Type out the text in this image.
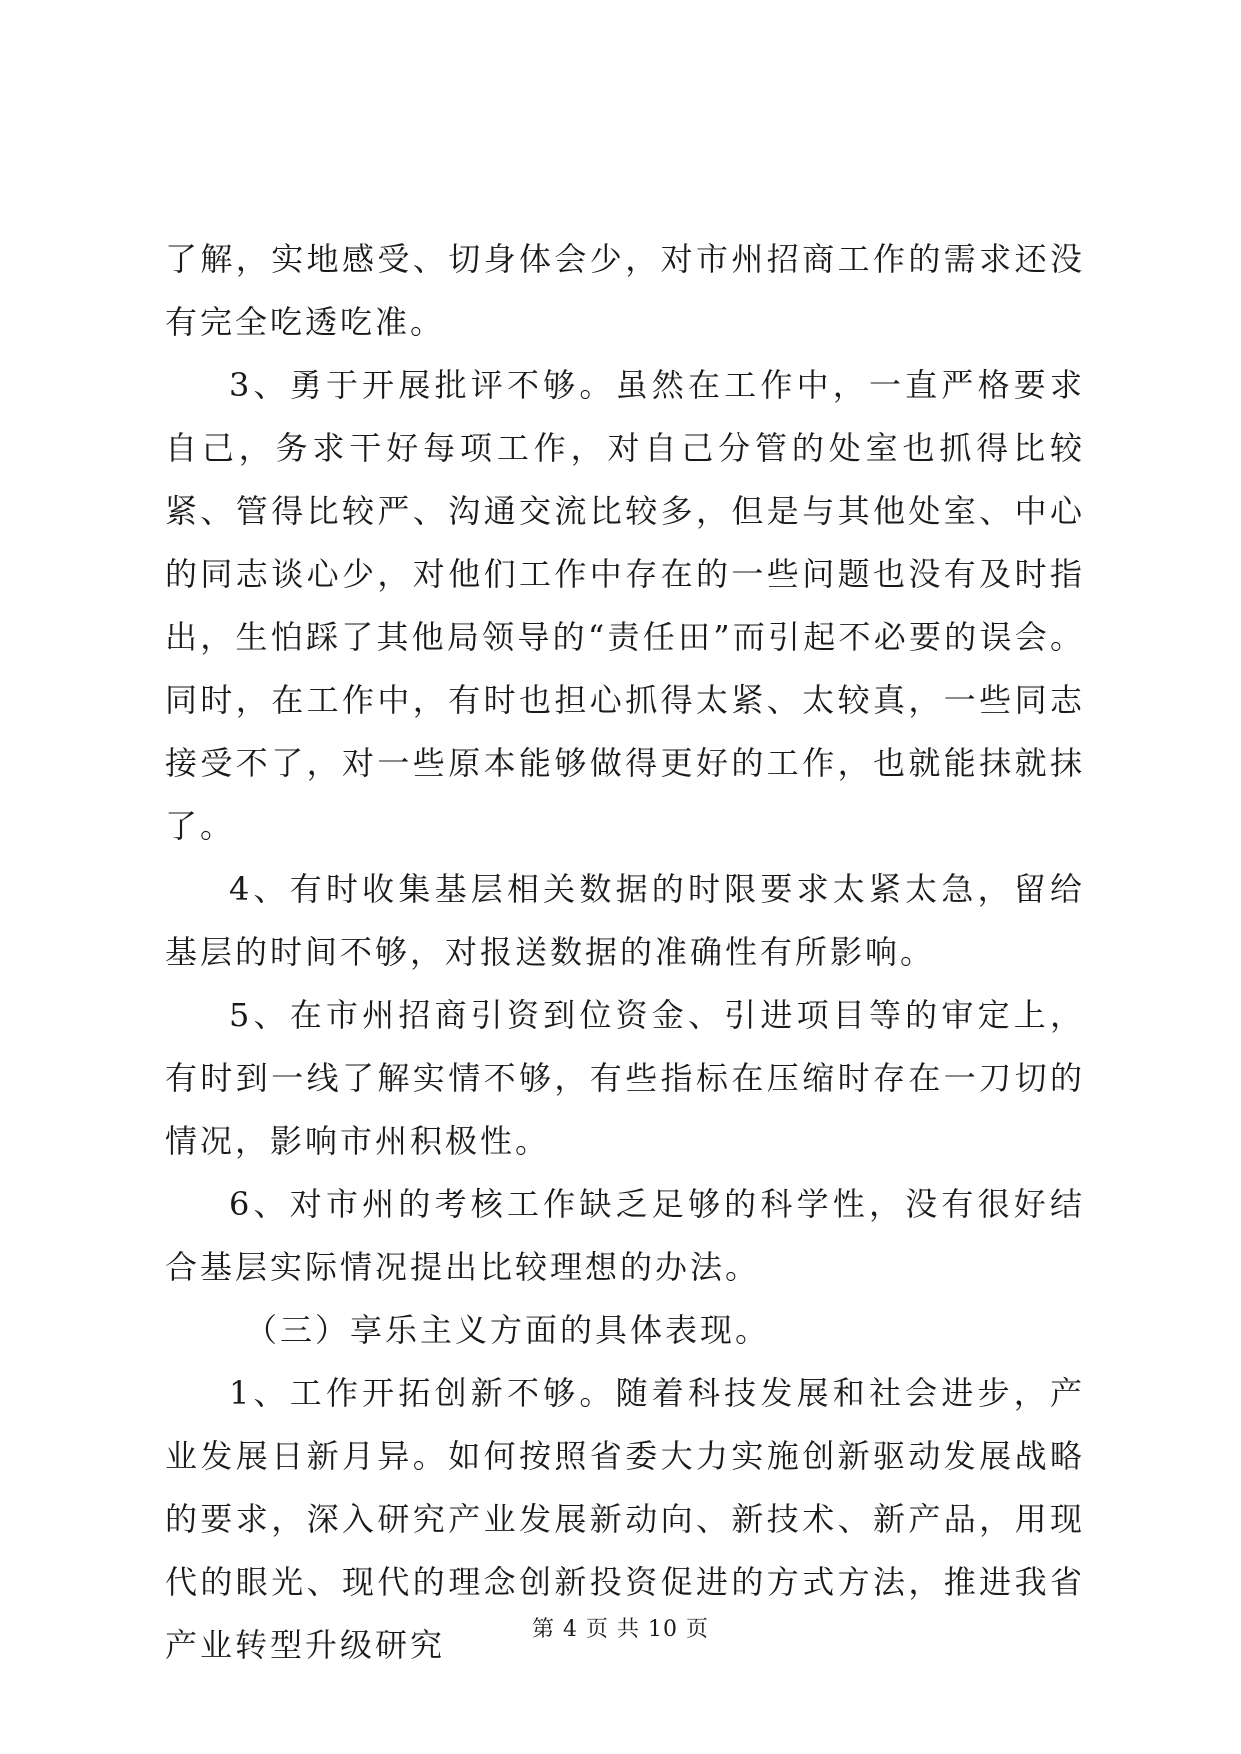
了解，实地感受、切身体会少，对市州招商工作的需求还没有完全吃透吃准。

3、勇于开展批评不够。虽然在工作中，一直严格要求自己，务求干好每项工作，对自己分管的处室也抓得比较紧、管得比较严、沟通交流比较多，但是与其他处室、中心的同志谈心少，对他们工作中存在的一些问题也没有及时指出，生怕踩了其他局领导的“责任田”而引起不必要的误会。同时，在工作中，有时也担心抓得太紧、太较真，一些同志接受不了，对一些原本能够做得更好的工作，也就能抹就抹了。

4、有时收集基层相关数据的时限要求太紧太急，留给基层的时间不够，对报送数据的准确性有所影响。

5、在市州招商引资到位资金、引进项目等的审定上，有时到一线了解实情不够，有些指标在压缩时存在一刀切的情况，影响市州积极性。

6、对市州的考核工作缺乏足够的科学性，没有很好结合基层实际情况提出比较理想的办法。

（三）享乐主义方面的具体表现。

1、工作开拓创新不够。随着科技发展和社会进步，产业发展日新月异。如何按照省委大力实施创新驱动发展战略的要求，深入研究产业发展新动向、新技术、新产品，用现代的眼光、现代的理念创新投资促进的方式方法，推进我省产业转型升级研究	第 4 页 共 10 页
